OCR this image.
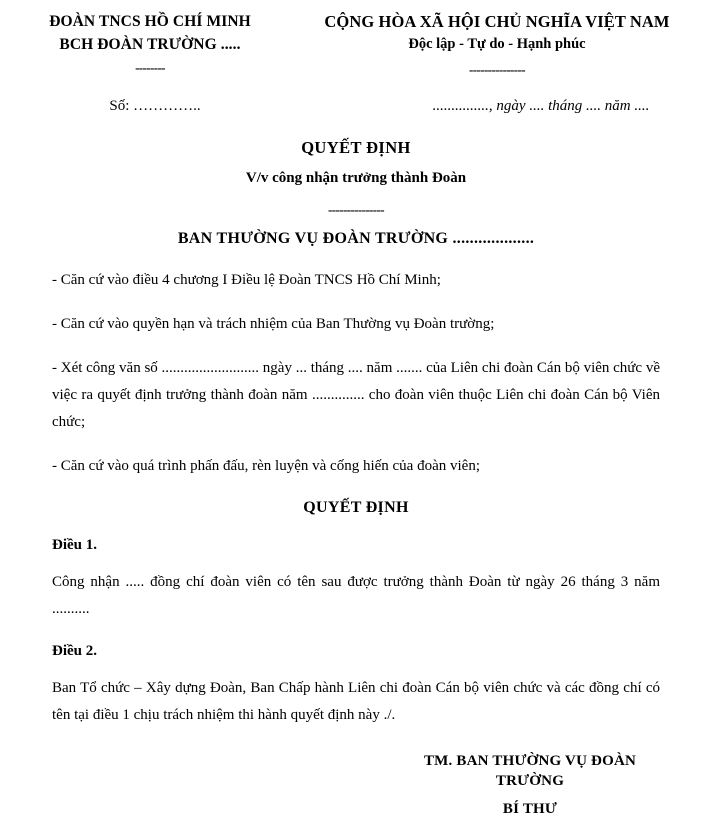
ĐOÀN TNCS HỒ CHÍ MINH
BCH ĐOÀN TRƯỜNG .....
--------
CỘNG HÒA XÃ HỘI CHỦ NGHĨA VIỆT NAM
Độc lập - Tự do - Hạnh phúc
---------------
Số: …………..	..............., ngày .... tháng .... năm ....
QUYẾT ĐỊNH
V/v công nhận trưởng thành Đoàn
---------------
BAN THƯỜNG VỤ ĐOÀN TRƯỜNG ...................
- Căn cứ vào điều 4 chương I Điều lệ Đoàn TNCS Hồ Chí Minh;
- Căn cứ vào quyền hạn và trách nhiệm của Ban Thường vụ Đoàn trường;
- Xét công văn số .......................... ngày ... tháng .... năm ....... của Liên chi đoàn Cán bộ viên chức về việc ra quyết định trưởng thành đoàn năm .............. cho đoàn viên thuộc Liên chi đoàn Cán bộ Viên chức;
- Căn cứ vào quá trình phấn đấu, rèn luyện và cống hiến của đoàn viên;
QUYẾT ĐỊNH
Điều 1.
Công nhận ..... đồng chí đoàn viên có tên sau được trưởng thành Đoàn từ ngày 26 tháng 3 năm ..........
Điều 2.
Ban Tổ chức – Xây dựng Đoàn, Ban Chấp hành Liên chi đoàn Cán bộ viên chức và các đồng chí có tên tại điều 1 chịu trách nhiệm thi hành quyết định này ./.
TM. BAN THƯỜNG VỤ ĐOÀN
TRƯỜNG
BÍ THƯ
